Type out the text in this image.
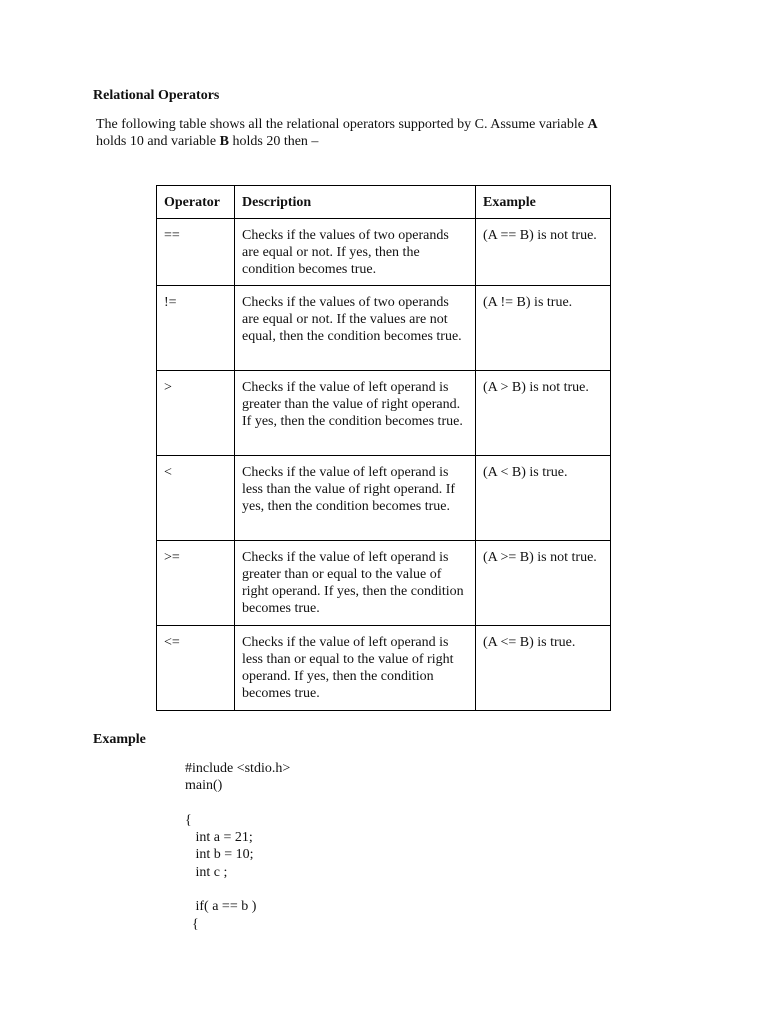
Relational Operators
The following table shows all the relational operators supported by C. Assume variable A holds 10 and variable B holds 20 then –
Operator	Description	Example
==	Checks if the values of two operands are equal or not. If yes, then the condition becomes true.	(A == B) is not true.
!=	Checks if the values of two operands are equal or not. If the values are not equal, then the condition becomes true.	(A != B) is true.
>	Checks if the value of left operand is greater than the value of right operand. If yes, then the condition becomes true.	(A > B) is not true.
<	Checks if the value of left operand is less than the value of right operand. If yes, then the condition becomes true.	(A < B) is true.
>=	Checks if the value of left operand is greater than or equal to the value of right operand. If yes, then the condition becomes true.	(A >= B) is not true.
<=	Checks if the value of left operand is less than or equal to the value of right operand. If yes, then the condition becomes true.	(A <= B) is true.
Example
#include <stdio.h>
main()
{
int a = 21;
int b = 10;
int c ;
if( a == b )
{
